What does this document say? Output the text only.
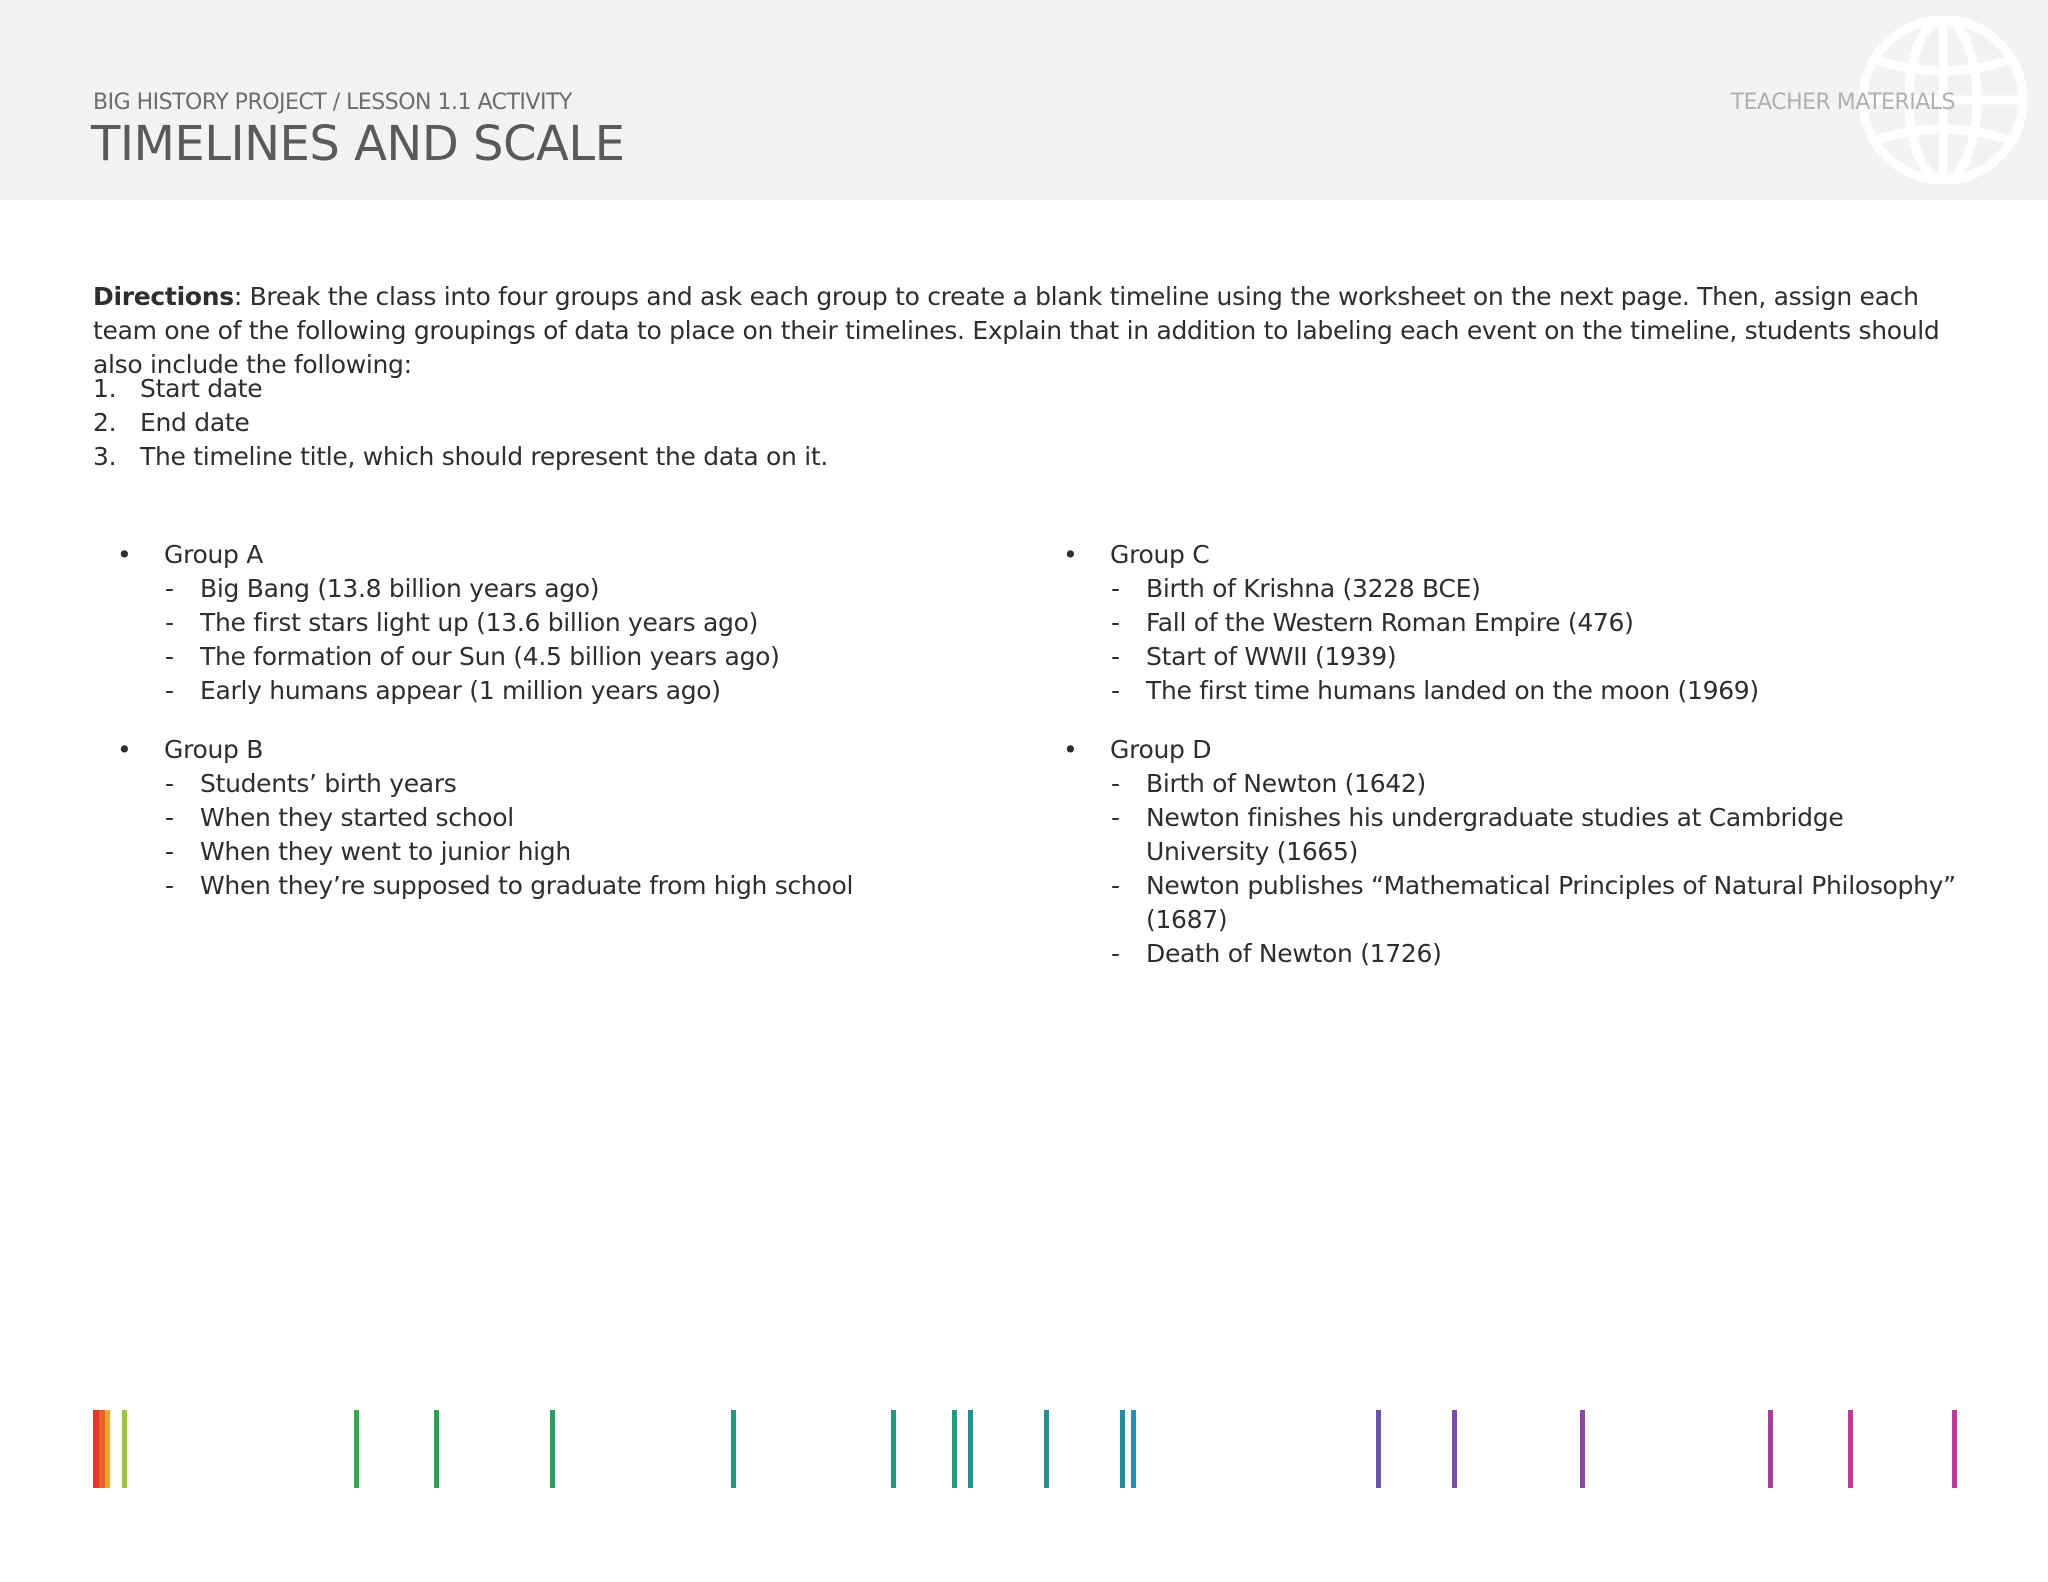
BIG HISTORY PROJECT / LESSON 1.1 ACTIVITY
TIMELINES AND SCALE
TEACHER MATERIALS
Directions: Break the class into four groups and ask each group to create a blank timeline using the worksheet on the next page. Then, assign each team one of the following groupings of data to place on their timelines. Explain that in addition to labeling each event on the timeline, students should also include the following:
1. Start date
2. End date
3. The timeline title, which should represent the data on it.
•	Group A
-	Big Bang (13.8 billion years ago)
-	The first stars light up (13.6 billion years ago)
-	The formation of our Sun (4.5 billion years ago)
-	Early humans appear (1 million years ago)
•	Group B
-	Students’ birth years
-	When they started school
-	When they went to junior high
-	When they’re supposed to graduate from high school
•	Group C
-	Birth of Krishna (3228 BCE)
-	Fall of the Western Roman Empire (476)
-	Start of WWII (1939)
-	The first time humans landed on the moon (1969)
•	Group D
-	Birth of Newton (1642)
-	Newton finishes his undergraduate studies at Cambridge University (1665)
-	Newton publishes “Mathematical Principles of Natural Philosophy” (1687)
-	Death of Newton (1726)
